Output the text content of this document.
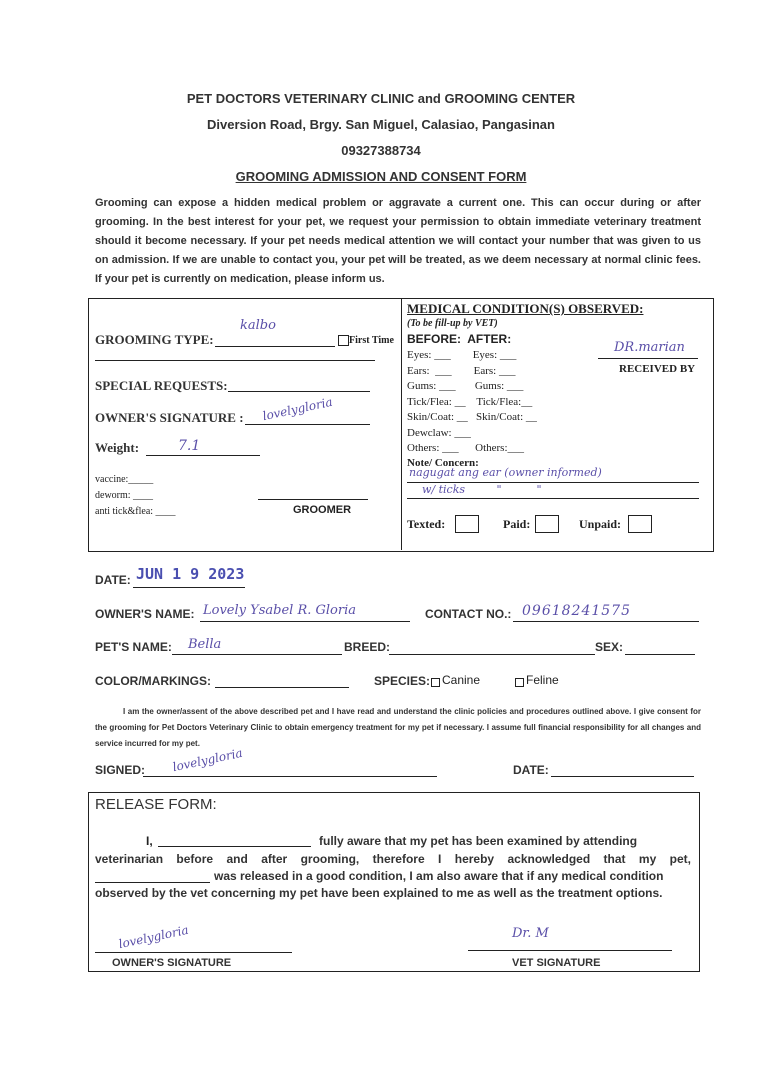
PET DOCTORS VETERINARY CLINIC and GROOMING CENTER
Diversion Road, Brgy. San Miguel, Calasiao, Pangasinan
09327388734
GROOMING ADMISSION AND CONSENT FORM
Grooming can expose a hidden medical problem or aggravate a current one. This can occur during or after grooming. In the best interest for your pet, we request your permission to obtain immediate veterinary treatment should it become necessary. If your pet needs medical attention we will contact your number that was given to us on admission. If we are unable to contact you, your pet will be treated, as we deem necessary at normal clinic fees. If your pet is currently on medication, please inform us.
GROOMING TYPE:
kalbo
First Time
SPECIAL REQUESTS:
OWNER'S SIGNATURE : lovelygloria
Weight:	7.1
vaccine:_____
deworm: ____
anti tick&flea: ____	GROOMER
MEDICAL CONDITION(S) OBSERVED:
(To be fill-up by VET)
BEFORE:  AFTER:
DR.marian
RECEIVED BY
Eyes: ___        Eyes: ___
Ears:  ___        Ears: ___
Gums: ___       Gums: ___
Tick/Flea: __    Tick/Flea:__
Skin/Coat: __   Skin/Coat: __
Dewclaw: ___
Others: ___      Others:___
Note/ Concern:
nagugat ang ear (owner informed)
w/ ticks         "          "
Texted:	Paid:	Unpaid:
DATE: JUN 1 9 2023
OWNER'S NAME: Lovely Ysabel R. Gloria	CONTACT NO.: 09618241575
PET'S NAME: Bella	BREED:	SEX:
COLOR/MARKINGS:	SPECIES: Canine	Feline
I am the owner/assent of the above described pet and I have read and understand the clinic policies and procedures outlined above. I give consent for the grooming for Pet Doctors Veterinary Clinic to obtain emergency treatment for my pet if necessary. I assume full financial responsibility for all changes and service incurred for my pet.
SIGNED: lovelygloria	DATE:
RELEASE FORM:
I,	fully aware that my pet has been examined by attending
veterinarian before and after grooming, therefore I hereby acknowledged that my pet,
was released in a good condition, I am also aware that if any medical condition
observed by the vet concerning my pet have been explained to me as well as the treatment options.
lovelygloria
OWNER'S SIGNATURE
Dr. M
VET SIGNATURE
